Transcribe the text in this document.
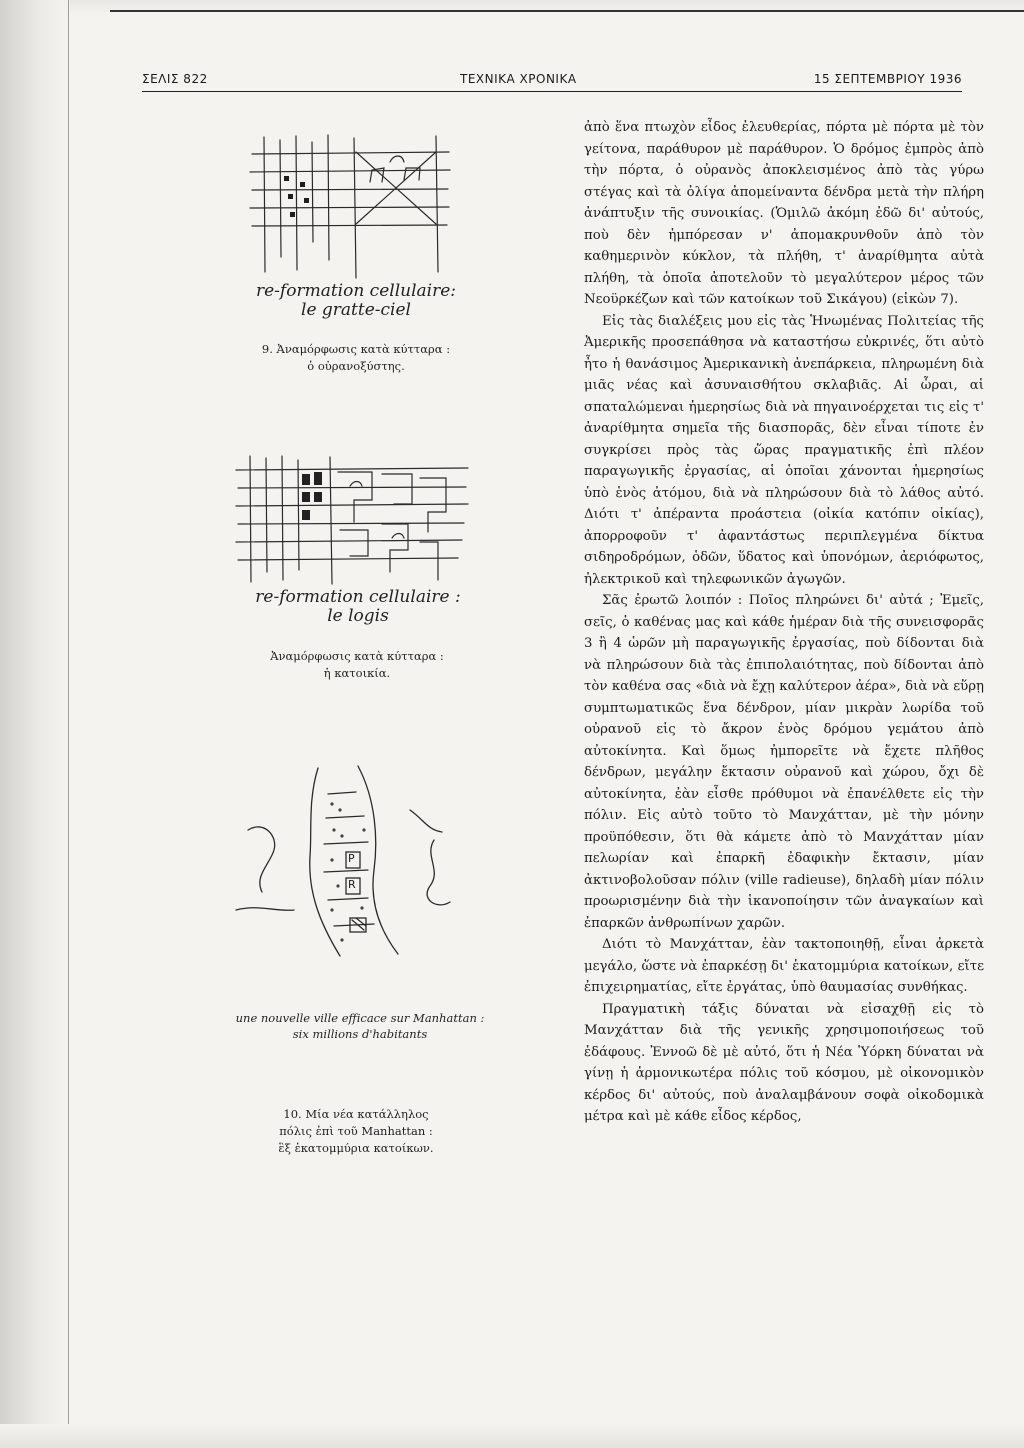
ΣΕΛΙΣ 822	ΤΕΧΝΙΚΑ ΧΡΟΝΙΚΑ	15 ΣΕΠΤΕΜΒΡΙΟΥ 1936
re-formation cellulaire:
le gratte-ciel
9. Ἀναμόρφωσις κατὰ κύτταρα :
ὁ οὐρανοξύστης.
re-formation cellulaire :
le logis
Ἀναμόρφωσις κατὰ κύτταρα :
ἡ κατοικία.
P
R
une nouvelle ville efficace sur Manhattan :
six millions d'habitants
10. Μία νέα κατάλληλος
πόλις ἐπὶ τοῦ Manhattan :
ἓξ ἑκατομμύρια κατοίκων.

ἀπὸ ἕνα πτωχὸν εἶδος ἐλευθερίας, πόρτα μὲ πόρτα μὲ τὸν γείτονα, παράθυρον μὲ παράθυρον. Ὁ δρόμος ἐμπρὸς ἀπὸ τὴν πόρτα, ὁ οὐρανὸς ἀποκλεισμένος ἀπὸ τὰς γύρω στέγας καὶ τὰ ὀλίγα ἀπομείναντα δένδρα μετὰ τὴν πλήρη ἀνάπτυξιν τῆς συνοικίας. (Ὁμιλῶ ἀκόμη ἐδῶ δι' αὐτούς, ποὺ δὲν ἠμπόρεσαν ν' ἀπομακρυνθοῦν ἀπὸ τὸν καθημερινὸν κύκλον, τὰ πλήθη, τ' ἀναρίθμητα αὐτὰ πλήθη, τὰ ὁποῖα ἀποτελοῦν τὸ μεγαλύτερον μέρος τῶν Νεοϋρκέζων καὶ τῶν κατοίκων τοῦ Σικάγου) (εἰκὼν 7).

Εἰς τὰς διαλέξεις μου εἰς τὰς Ἡνωμένας Πολιτείας τῆς Ἀμερικῆς προσεπάθησα νὰ καταστήσω εὐκρινές, ὅτι αὐτὸ ἦτο ἡ θανάσιμος Ἀμερικανικὴ ἀνεπάρκεια, πληρωμένη διὰ μιᾶς νέας καὶ ἀσυναισθήτου σκλαβιᾶς. Αἱ ὧραι, αἱ σπαταλώμεναι ἡμερησίως διὰ νὰ πηγαινοέρχεται τις εἰς τ' ἀναρίθμητα σημεῖα τῆς διασπορᾶς, δὲν εἶναι τίποτε ἐν συγκρίσει πρὸς τὰς ὥρας πραγματικῆς ἐπὶ πλέον παραγωγικῆς ἐργασίας, αἱ ὁποῖαι χάνονται ἡμερησίως ὑπὸ ἑνὸς ἀτόμου, διὰ νὰ πληρώσουν διὰ τὸ λάθος αὐτό. Διότι τ' ἀπέραντα προάστεια (οἰκία κατόπιν οἰκίας), ἀπορροφοῦν τ' ἀφαντάστως περιπλεγμένα δίκτυα σιδηροδρόμων, ὁδῶν, ὕδατος καὶ ὑπονόμων, ἀεριόφωτος, ἠλεκτρικοῦ καὶ τηλεφωνικῶν ἀγωγῶν.

Σᾶς ἐρωτῶ λοιπόν : Ποῖος πληρώνει δι' αὐτά ; Ἐμεῖς, σεῖς, ὁ καθένας μας καὶ κάθε ἡμέραν διὰ τῆς συνεισφορᾶς 3 ἢ 4 ὡρῶν μὴ παραγωγικῆς ἐργασίας, ποὺ δίδονται διὰ νὰ πληρώσουν διὰ τὰς ἐπιπολαιότητας, ποὺ δίδονται ἀπὸ τὸν καθένα σας «διὰ νὰ ἔχῃ καλύτερον ἀέρα», διὰ νὰ εὕρῃ συμπτωματικῶς ἕνα δένδρον, μίαν μικρὰν λωρίδα τοῦ οὐρανοῦ εἰς τὸ ἄκρον ἑνὸς δρόμου γεμάτου ἀπὸ αὐτοκίνητα. Καὶ ὅμως ἠμπορεῖτε νὰ ἔχετε πλῆθος δένδρων, μεγάλην ἔκτασιν οὐρανοῦ καὶ χώρου, ὄχι δὲ αὐτοκίνητα, ἐὰν εἶσθε πρόθυμοι νὰ ἐπανέλθετε εἰς τὴν πόλιν. Εἰς αὐτὸ τοῦτο τὸ Μανχάτταν, μὲ τὴν μόνην προϋπόθεσιν, ὅτι θὰ κάμετε ἀπὸ τὸ Μανχάτταν μίαν πελωρίαν καὶ ἐπαρκῆ ἐδαφικὴν ἔκτασιν, μίαν ἀκτινοβολοῦσαν πόλιν (ville radieuse), δηλαδὴ μίαν πόλιν προωρισμένην διὰ τὴν ἱκανοποίησιν τῶν ἀναγκαίων καὶ ἐπαρκῶν ἀνθρωπίνων χαρῶν.

Διότι τὸ Μανχάτταν, ἐὰν τακτοποιηθῇ, εἶναι ἀρκετὰ μεγάλο, ὥστε νὰ ἐπαρκέσῃ δι' ἑκατομμύρια κατοίκων, εἴτε ἐπιχειρηματίας, εἴτε ἐργάτας, ὑπὸ θαυμασίας συνθήκας.

Πραγματικὴ τάξις δύναται νὰ εἰσαχθῇ εἰς τὸ Μανχάτταν διὰ τῆς γενικῆς χρησιμοποιήσεως τοῦ ἐδάφους. Ἐννοῶ δὲ μὲ αὐτό, ὅτι ἡ Νέα Ὑόρκη δύναται νὰ γίνῃ ἡ ἁρμονικωτέρα πόλις τοῦ κόσμου, μὲ οἰκονομικὸν κέρδος δι' αὐτούς, ποὺ ἀναλαμβάνουν σοφὰ οἰκοδομικὰ μέτρα καὶ μὲ κάθε εἶδος κέρδος,
